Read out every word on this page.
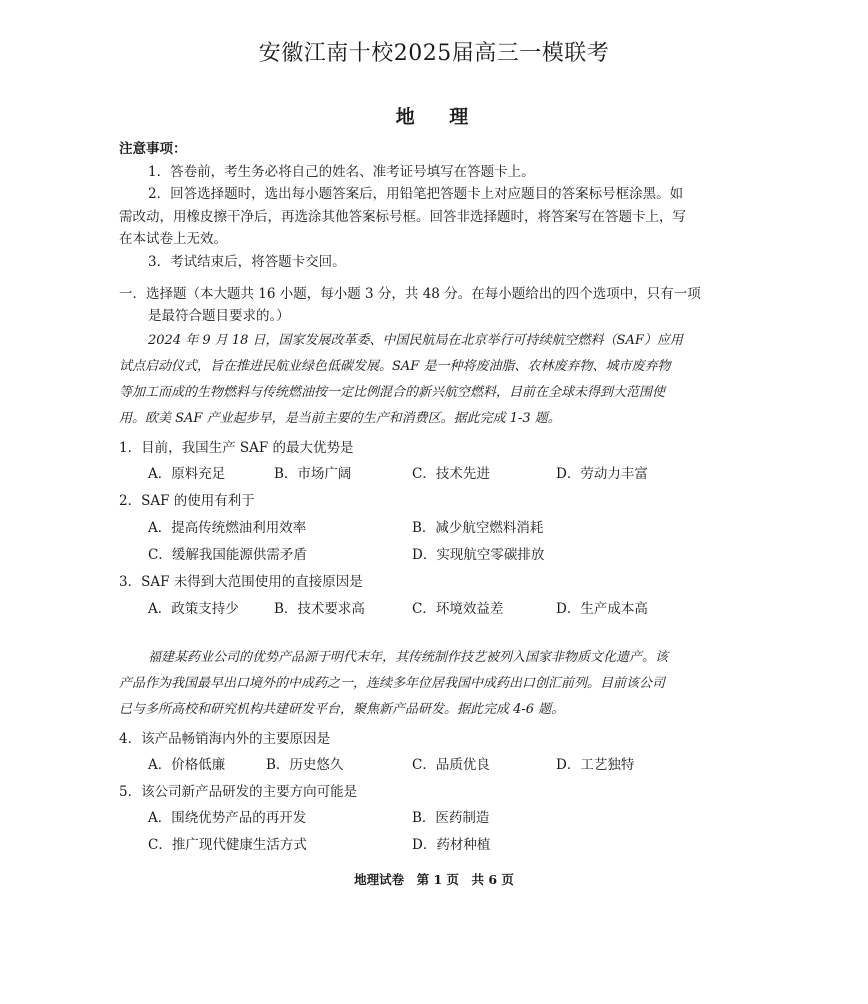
安徽江南十校2025届高三一模联考
地 理
注意事项：
1．答卷前，考生务必将自己的姓名、准考证号填写在答题卡上。
2．回答选择题时，选出每小题答案后，用铅笔把答题卡上对应题目的答案标号框涂黑。如
需改动，用橡皮擦干净后，再选涂其他答案标号框。回答非选择题时，将答案写在答题卡上，写
在本试卷上无效。
3．考试结束后，将答题卡交回。
一．选择题（本大题共 16 小题，每小题 3 分，共 48 分。在每小题给出的四个选项中，只有一项
是最符合题目要求的。）
2024 年 9 月 18 日，国家发展改革委、中国民航局在北京举行可持续航空燃料（SAF）应用
试点启动仪式，旨在推进民航业绿色低碳发展。SAF 是一种将废油脂、农林废弃物、城市废弃物
等加工而成的生物燃料与传统燃油按一定比例混合的新兴航空燃料，目前在全球未得到大范围使
用。欧美 SAF 产业起步早，是当前主要的生产和消费区。据此完成 1-3 题。
1．目前，我国生产 SAF 的最大优势是
A．原料充足	B．市场广阔	C．技术先进	D．劳动力丰富
2．SAF 的使用有利于
A．提高传统燃油利用效率	B．减少航空燃料消耗
C．缓解我国能源供需矛盾	D．实现航空零碳排放
3．SAF 未得到大范围使用的直接原因是
A．政策支持少	B．技术要求高	C．环境效益差	D．生产成本高
福建某药业公司的优势产品源于明代末年，其传统制作技艺被列入国家非物质文化遗产。该
产品作为我国最早出口境外的中成药之一，连续多年位居我国中成药出口创汇前列。目前该公司
已与多所高校和研究机构共建研发平台，聚焦新产品研发。据此完成 4-6 题。
4．该产品畅销海内外的主要原因是
A．价格低廉	B．历史悠久	C．品质优良	D．工艺独特
5．该公司新产品研发的主要方向可能是
A．围绕优势产品的再开发	B．医药制造
C．推广现代健康生活方式	D．药材种植
地理试卷　第 1 页　共 6 页
